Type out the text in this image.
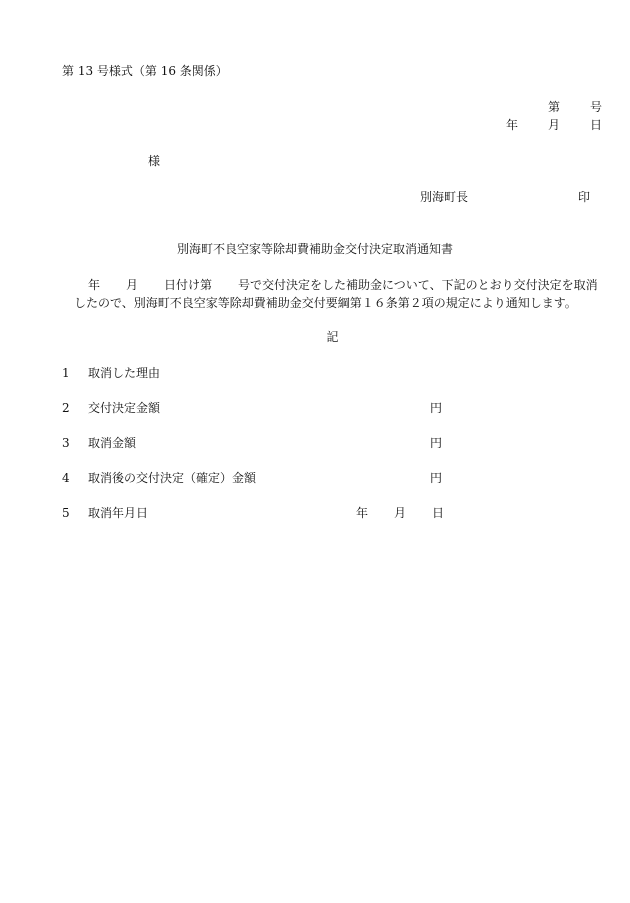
第 13 号様式（第 16 条関係）
第	号
年	月	日
様
別海町長	印
別海町不良空家等除却費補助金交付決定取消通知書
年 月 日付け第 号で交付決定をした補助金について、下記のとおり交付決定を取消
したので、別海町不良空家等除却費補助金交付要綱第１６条第２項の規定により通知します。
記
1	取消した理由
2	交付決定金額	円
3	取消金額	円
4	取消後の交付決定（確定）金額	円
5	取消年月日	年 月 日
